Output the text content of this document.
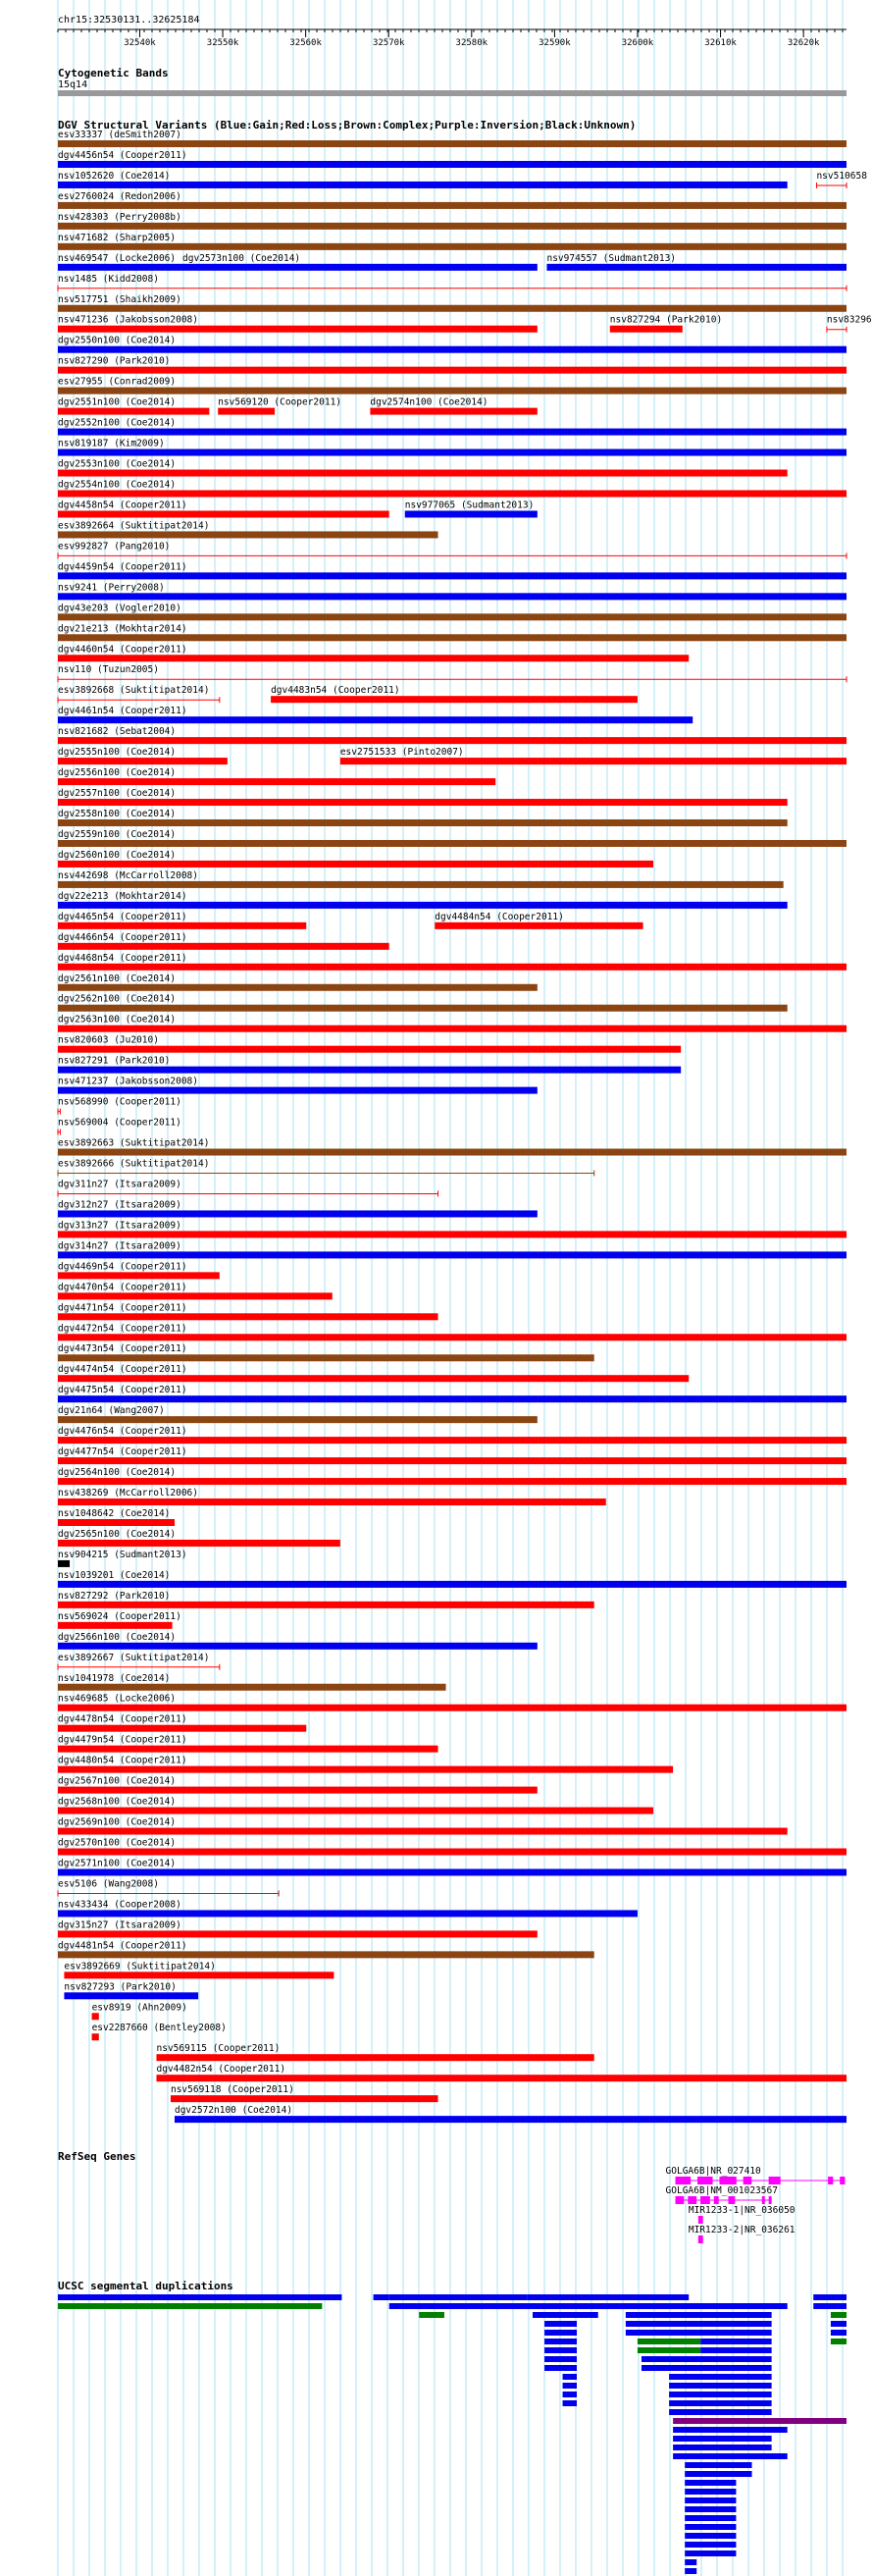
chr15:32530131..32625184
32540k	32550k	32560k	32570k	32580k	32590k	32600k	32610k	32620k
Cytogenetic Bands
15q14
DGV Structural Variants (Blue:Gain;Red:Loss;Brown:Complex;Purple:Inversion;Black:Unknown)
esv33337 (deSmith2007)
dgv4456n54 (Cooper2011)
nsv1052620 (Coe2014)	nsv510658
esv2760024 (Redon2006)
nsv428303 (Perry2008b)
nsv471682 (Sharp2005)
nsv469547 (Locke2006) dgv2573n100 (Coe2014)	nsv974557 (Sudmant2013)
nsv1485 (Kidd2008)
nsv517751 (Shaikh2009)
nsv471236 (Jakobsson2008)	nsv827294 (Park2010)	nsv83296
dgv2550n100 (Coe2014)
nsv827290 (Park2010)
esv27955 (Conrad2009)
dgv2551n100 (Coe2014)	nsv569120 (Cooper2011)	dgv2574n100 (Coe2014)
dgv2552n100 (Coe2014)
nsv819187 (Kim2009)
dgv2553n100 (Coe2014)
dgv2554n100 (Coe2014)
dgv4458n54 (Cooper2011)	nsv977065 (Sudmant2013)
esv3892664 (Suktitipat2014)
esv992827 (Pang2010)
dgv4459n54 (Cooper2011)
nsv9241 (Perry2008)
dgv43e203 (Vogler2010)
dgv21e213 (Mokhtar2014)
dgv4460n54 (Cooper2011)
nsv110 (Tuzun2005)
esv3892668 (Suktitipat2014)	dgv4483n54 (Cooper2011)
dgv4461n54 (Cooper2011)
nsv821682 (Sebat2004)
dgv2555n100 (Coe2014)	esv2751533 (Pinto2007)
dgv2556n100 (Coe2014)
dgv2557n100 (Coe2014)
dgv2558n100 (Coe2014)
dgv2559n100 (Coe2014)
dgv2560n100 (Coe2014)
nsv442698 (McCarroll2008)
dgv22e213 (Mokhtar2014)
dgv4465n54 (Cooper2011)	dgv4484n54 (Cooper2011)
dgv4466n54 (Cooper2011)
dgv4468n54 (Cooper2011)
dgv2561n100 (Coe2014)
dgv2562n100 (Coe2014)
dgv2563n100 (Coe2014)
nsv820603 (Ju2010)
nsv827291 (Park2010)
nsv471237 (Jakobsson2008)
nsv568990 (Cooper2011)
nsv569004 (Cooper2011)
esv3892663 (Suktitipat2014)
esv3892666 (Suktitipat2014)
dgv311n27 (Itsara2009)
dgv312n27 (Itsara2009)
dgv313n27 (Itsara2009)
dgv314n27 (Itsara2009)
dgv4469n54 (Cooper2011)
dgv4470n54 (Cooper2011)
dgv4471n54 (Cooper2011)
dgv4472n54 (Cooper2011)
dgv4473n54 (Cooper2011)
dgv4474n54 (Cooper2011)
dgv4475n54 (Cooper2011)
dgv21n64 (Wang2007)
dgv4476n54 (Cooper2011)
dgv4477n54 (Cooper2011)
dgv2564n100 (Coe2014)
nsv438269 (McCarroll2006)
nsv1048642 (Coe2014)
dgv2565n100 (Coe2014)
nsv904215 (Sudmant2013)
nsv1039201 (Coe2014)
nsv827292 (Park2010)
nsv569024 (Cooper2011)
dgv2566n100 (Coe2014)
esv3892667 (Suktitipat2014)
nsv1041978 (Coe2014)
nsv469685 (Locke2006)
dgv4478n54 (Cooper2011)
dgv4479n54 (Cooper2011)
dgv4480n54 (Cooper2011)
dgv2567n100 (Coe2014)
dgv2568n100 (Coe2014)
dgv2569n100 (Coe2014)
dgv2570n100 (Coe2014)
dgv2571n100 (Coe2014)
esv5106 (Wang2008)
nsv433434 (Cooper2008)
dgv315n27 (Itsara2009)
dgv4481n54 (Cooper2011)
esv3892669 (Suktitipat2014)
nsv827293 (Park2010)
esv8919 (Ahn2009)
esv2287660 (Bentley2008)
nsv569115 (Cooper2011)
dgv4482n54 (Cooper2011)
nsv569118 (Cooper2011)
dgv2572n100 (Coe2014)
RefSeq Genes
GOLGA6B|NR_027410
GOLGA6B|NM_001023567
MIR1233-1|NR_036050
MIR1233-2|NR_036261
UCSC segmental duplications
